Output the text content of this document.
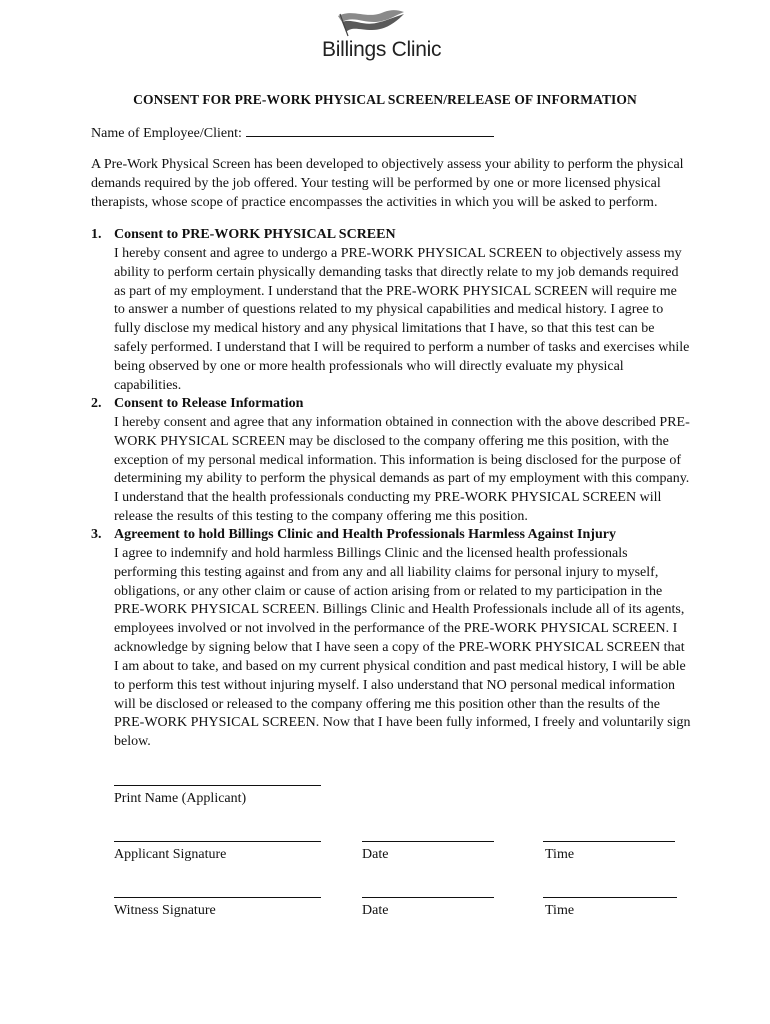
Billings Clinic
CONSENT FOR PRE-WORK PHYSICAL SCREEN/RELEASE OF INFORMATION
Name of Employee/Client:
A Pre-Work Physical Screen has been developed to objectively assess your ability to perform the physical demands required by the job offered. Your testing will be performed by one or more licensed physical therapists, whose scope of practice encompasses the activities in which you will be asked to perform.
1. Consent to PRE-WORK PHYSICAL SCREEN
I hereby consent and agree to undergo a PRE-WORK PHYSICAL SCREEN to objectively assess my ability to perform certain physically demanding tasks that directly relate to my job demands required as part of my employment. I understand that the PRE-WORK PHYSICAL SCREEN will require me to answer a number of questions related to my physical capabilities and medical history. I agree to fully disclose my medical history and any physical limitations that I have, so that this test can be safely performed. I understand that I will be required to perform a number of tasks and exercises while being observed by one or more health professionals who will directly evaluate my physical capabilities.
2. Consent to Release Information
I hereby consent and agree that any information obtained in connection with the above described PRE-WORK PHYSICAL SCREEN may be disclosed to the company offering me this position, with the exception of my personal medical information. This information is being disclosed for the purpose of determining my ability to perform the physical demands as part of my employment with this company. I understand that the health professionals conducting my PRE-WORK PHYSICAL SCREEN will release the results of this testing to the company offering me this position.
3. Agreement to hold Billings Clinic and Health Professionals Harmless Against Injury
I agree to indemnify and hold harmless Billings Clinic and the licensed health professionals performing this testing against and from any and all liability claims for personal injury to myself, obligations, or any other claim or cause of action arising from or related to my participation in the PRE-WORK PHYSICAL SCREEN. Billings Clinic and Health Professionals include all of its agents, employees involved or not involved in the performance of the PRE-WORK PHYSICAL SCREEN. I acknowledge by signing below that I have seen a copy of the PRE-WORK PHYSICAL SCREEN that I am about to take, and based on my current physical condition and past medical history, I will be able to perform this test without injuring myself. I also understand that NO personal medical information will be disclosed or released to the company offering me this position other than the results of the PRE-WORK PHYSICAL SCREEN. Now that I have been fully informed, I freely and voluntarily sign below.
Print Name (Applicant)
Applicant Signature	Date	Time
Witness Signature	Date	Time
